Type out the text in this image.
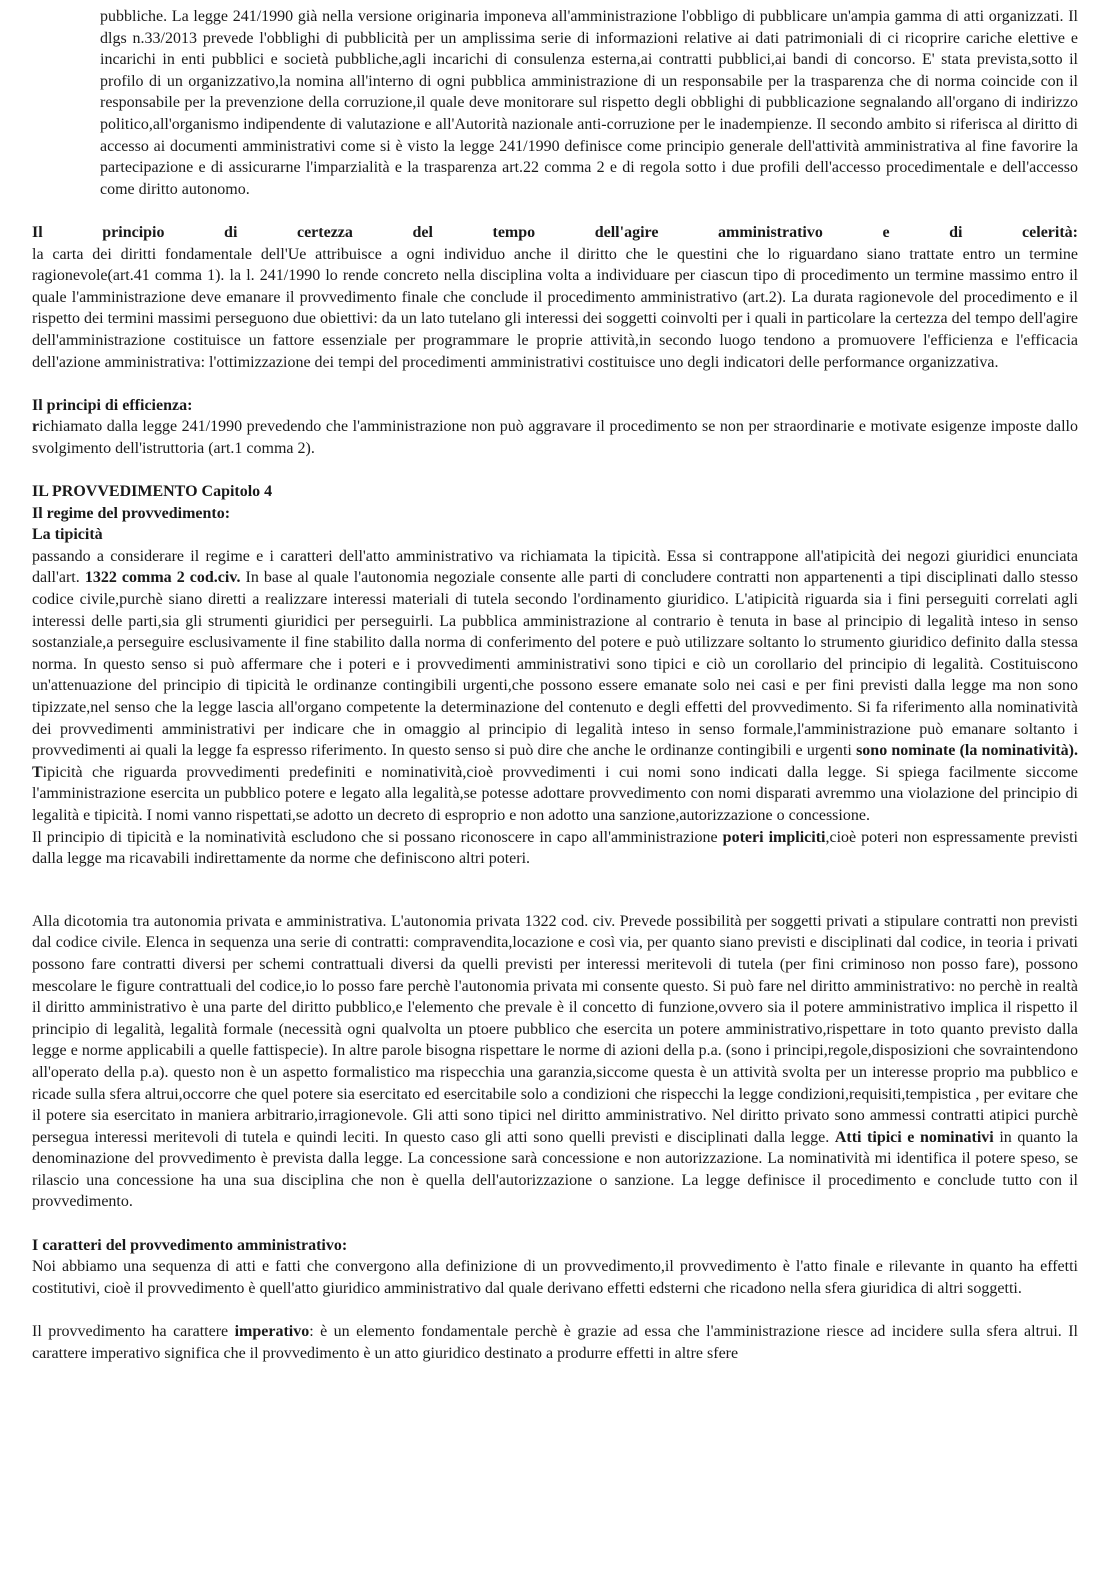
pubbliche. La legge 241/1990 già nella versione originaria imponeva all'amministrazione l'obbligo di pubblicare un'ampia gamma di atti organizzati. Il dlgs n.33/2013 prevede l'obblighi di pubblicità per un amplissima serie di informazioni relative ai dati patrimoniali di ci ricoprire cariche elettive e incarichi in enti pubblici e società pubbliche,agli incarichi di consulenza esterna,ai contratti pubblici,ai bandi di concorso. E' stata prevista,sotto il profilo di un organizzativo,la nomina all'interno di ogni pubblica amministrazione di un responsabile per la trasparenza che di norma coincide con il responsabile per la prevenzione della corruzione,il quale deve monitorare sul rispetto degli obblighi di pubblicazione segnalando all'organo di indirizzo politico,all'organismo indipendente di valutazione e all'Autorità nazionale anti-corruzione per le inadempienze. Il secondo ambito si riferisca al diritto di accesso ai documenti amministrativi come si è visto la legge 241/1990 definisce come principio generale dell'attività amministrativa al fine favorire la partecipazione e di assicurarne l'imparzialità e la trasparenza art.22 comma 2 e di regola sotto i due profili dell'accesso procedimentale e dell'accesso come diritto autonomo.

Il principio di certezza del tempo dell'agire amministrativo e di celerità:

la carta dei diritti fondamentale dell'Ue attribuisce a ogni individuo anche il diritto che le questini che lo riguardano siano trattate entro un termine ragionevole(art.41 comma 1). la l. 241/1990 lo rende concreto nella disciplina volta a individuare per ciascun tipo di procedimento un termine massimo entro il quale l'amministrazione deve emanare il provvedimento finale che conclude il procedimento amministrativo (art.2). La durata ragionevole del procedimento e il rispetto dei termini massimi perseguono due obiettivi: da un lato tutelano gli interessi dei soggetti coinvolti per i quali in particolare la certezza del tempo dell'agire dell'amministrazione costituisce un fattore essenziale per programmare le proprie attività,in secondo luogo tendono a promuovere l'efficienza e l'efficacia dell'azione amministrativa: l'ottimizzazione dei tempi del procedimenti amministrativi costituisce uno degli indicatori delle performance organizzativa.

Il principi di efficienza:

richiamato dalla legge 241/1990 prevedendo che l'amministrazione non può aggravare il procedimento se non per straordinarie e motivate esigenze imposte dallo svolgimento dell'istruttoria (art.1 comma 2).

IL PROVVEDIMENTO Capitolo 4

Il regime del provvedimento:

La tipicità

passando a considerare il regime e i caratteri dell'atto amministrativo va richiamata la tipicità. Essa si contrappone all'atipicità dei negozi giuridici enunciata dall'art. 1322 comma 2 cod.civ. In base al quale l'autonomia negoziale consente alle parti di concludere contratti non appartenenti a tipi disciplinati dallo stesso codice civile,purchè siano diretti a realizzare interessi materiali di tutela secondo l'ordinamento giuridico. L'atipicità riguarda sia i fini perseguiti correlati agli interessi delle parti,sia gli strumenti giuridici per perseguirli. La pubblica amministrazione al contrario è tenuta in base al principio di legalità inteso in senso sostanziale,a perseguire esclusivamente il fine stabilito dalla norma di conferimento del potere e può utilizzare soltanto lo strumento giuridico definito dalla stessa norma. In questo senso si può affermare che i poteri e i provvedimenti amministrativi sono tipici e ciò un corollario del principio di legalità. Costituiscono un'attenuazione del principio di tipicità le ordinanze contingibili urgenti,che possono essere emanate solo nei casi e per fini previsti dalla legge ma non sono tipizzate,nel senso che la legge lascia all'organo competente la determinazione del contenuto e degli effetti del provvedimento. Si fa riferimento alla nominatività dei provvedimenti amministrativi per indicare che in omaggio al principio di legalità inteso in senso formale,l'amministrazione può emanare soltanto i provvedimenti ai quali la legge fa espresso riferimento. In questo senso si può dire che anche le ordinanze contingibili e urgenti sono nominate (la nominatività). Tipicità che riguarda provvedimenti predefiniti e nominatività,cioè provvedimenti i cui nomi sono indicati dalla legge. Si spiega facilmente siccome l'amministrazione esercita un pubblico potere e legato alla legalità,se potesse adottare provvedimento con nomi disparati avremmo una violazione del principio di legalità e tipicità. I nomi vanno rispettati,se adotto un decreto di esproprio e non adotto una sanzione,autorizzazione o concessione.

Il principio di tipicità e la nominatività escludono che si possano riconoscere in capo all'amministrazione poteri impliciti,cioè poteri non espressamente previsti dalla legge ma ricavabili indirettamente da norme che definiscono altri poteri.

Alla dicotomia tra autonomia privata e amministrativa. L'autonomia privata 1322 cod. civ. Prevede possibilità per soggetti privati a stipulare contratti non previsti dal codice civile. Elenca in sequenza una serie di contratti: compravendita,locazione e così via, per quanto siano previsti e disciplinati dal codice, in teoria i privati possono fare contratti diversi per schemi contrattuali diversi da quelli previsti per interessi meritevoli di tutela (per fini criminoso non posso fare), possono mescolare le figure contrattuali del codice,io lo posso fare perchè l'autonomia privata mi consente questo. Si può fare nel diritto amministrativo: no perchè in realtà il diritto amministrativo è una parte del diritto pubblico,e l'elemento che prevale è il concetto di funzione,ovvero sia il potere amministrativo implica il rispetto il principio di legalità, legalità formale (necessità ogni qualvolta un ptoere pubblico che esercita un potere amministrativo,rispettare in toto quanto previsto dalla legge e norme applicabili a quelle fattispecie). In altre parole bisogna rispettare le norme di azioni della p.a. (sono i principi,regole,disposizioni che sovraintendono all'operato della p.a). questo non è un aspetto formalistico ma rispecchia una garanzia,siccome questa è un attività svolta per un interesse proprio ma pubblico e ricade sulla sfera altrui,occorre che quel potere sia esercitato ed esercitabile solo a condizioni che rispecchi la legge condizioni,requisiti,tempistica , per evitare che il potere sia esercitato in maniera arbitrario,irragionevole. Gli atti sono tipici nel diritto amministrativo. Nel diritto privato sono ammessi contratti atipici purchè persegua interessi meritevoli di tutela e quindi leciti. In questo caso gli atti sono quelli previsti e disciplinati dalla legge. Atti tipici e nominativi in quanto la denominazione del provvedimento è prevista dalla legge. La concessione sarà concessione e non autorizzazione. La nominatività mi identifica il potere speso, se rilascio una concessione ha una sua disciplina che non è quella dell'autorizzazione o sanzione. La legge definisce il procedimento e conclude tutto con il provvedimento.

I caratteri del provvedimento amministrativo:

Noi abbiamo una sequenza di atti e fatti che convergono alla definizione di un provvedimento,il provvedimento è l'atto finale e rilevante in quanto ha effetti costitutivi, cioè il provvedimento è quell'atto giuridico amministrativo dal quale derivano effetti edsterni che ricadono nella sfera giuridica di altri soggetti.

Il provvedimento ha carattere imperativo: è un elemento fondamentale perchè è grazie ad essa che l'amministrazione riesce ad incidere sulla sfera altrui. Il carattere imperativo significa che il provvedimento è un atto giuridico destinato a produrre effetti in altre sfere
